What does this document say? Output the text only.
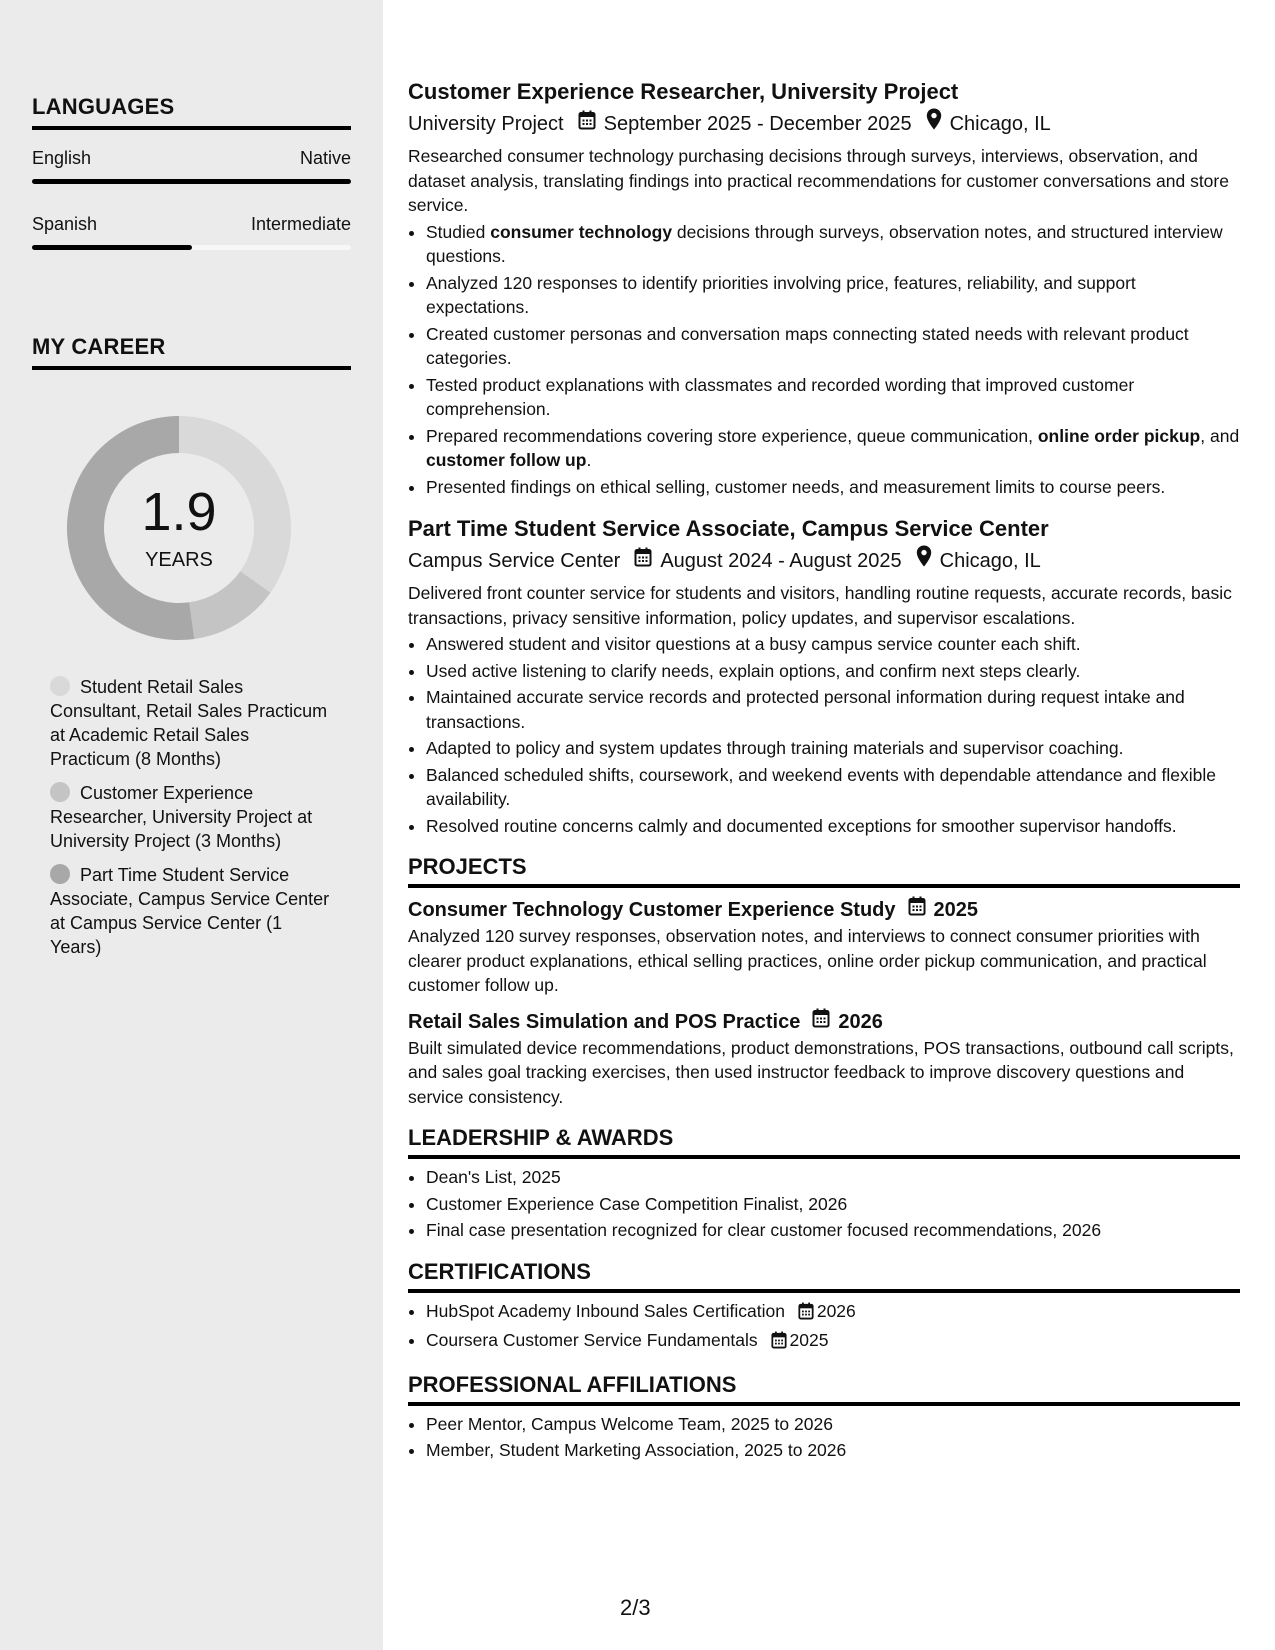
LANGUAGES
English	Native
Spanish	Intermediate
MY CAREER
1.9
YEARS
Student Retail Sales Consultant, Retail Sales Practicum at Academic Retail Sales Practicum (8 Months)
Customer Experience Researcher, University Project at University Project (3 Months)
Part Time Student Service Associate, Campus Service Center at Campus Service Center (1 Years)
Customer Experience Researcher, University Project
University Project September 2025 - December 2025 Chicago, IL

Researched consumer technology purchasing decisions through surveys, interviews, observation, and dataset analysis, translating findings into practical recommendations for customer conversations and store service.

• Studied consumer technology decisions through surveys, observation notes, and structured interview questions.
• Analyzed 120 responses to identify priorities involving price, features, reliability, and support expectations.
• Created customer personas and conversation maps connecting stated needs with relevant product categories.
• Tested product explanations with classmates and recorded wording that improved customer comprehension.
• Prepared recommendations covering store experience, queue communication, online order pickup, and customer follow up.
• Presented findings on ethical selling, customer needs, and measurement limits to course peers.
Part Time Student Service Associate, Campus Service Center
Campus Service Center August 2024 - August 2025 Chicago, IL

Delivered front counter service for students and visitors, handling routine requests, accurate records, basic transactions, privacy sensitive information, policy updates, and supervisor escalations.

• Answered student and visitor questions at a busy campus service counter each shift.
• Used active listening to clarify needs, explain options, and confirm next steps clearly.
• Maintained accurate service records and protected personal information during request intake and transactions.
• Adapted to policy and system updates through training materials and supervisor coaching.
• Balanced scheduled shifts, coursework, and weekend events with dependable attendance and flexible availability.
• Resolved routine concerns calmly and documented exceptions for smoother supervisor handoffs.
PROJECTS
Consumer Technology Customer Experience Study 2025

Analyzed 120 survey responses, observation notes, and interviews to connect consumer priorities with clearer product explanations, ethical selling practices, online order pickup communication, and practical customer follow up.

Retail Sales Simulation and POS Practice 2026

Built simulated device recommendations, product demonstrations, POS transactions, outbound call scripts, and sales goal tracking exercises, then used instructor feedback to improve discovery questions and service consistency.

LEADERSHIP & AWARDS
• Dean's List, 2025
• Customer Experience Case Competition Finalist, 2026
• Final case presentation recognized for clear customer focused recommendations, 2026
CERTIFICATIONS
• HubSpot Academy Inbound Sales Certification 2026
• Coursera Customer Service Fundamentals 2025
PROFESSIONAL AFFILIATIONS
• Peer Mentor, Campus Welcome Team, 2025 to 2026
• Member, Student Marketing Association, 2025 to 2026
2/3
